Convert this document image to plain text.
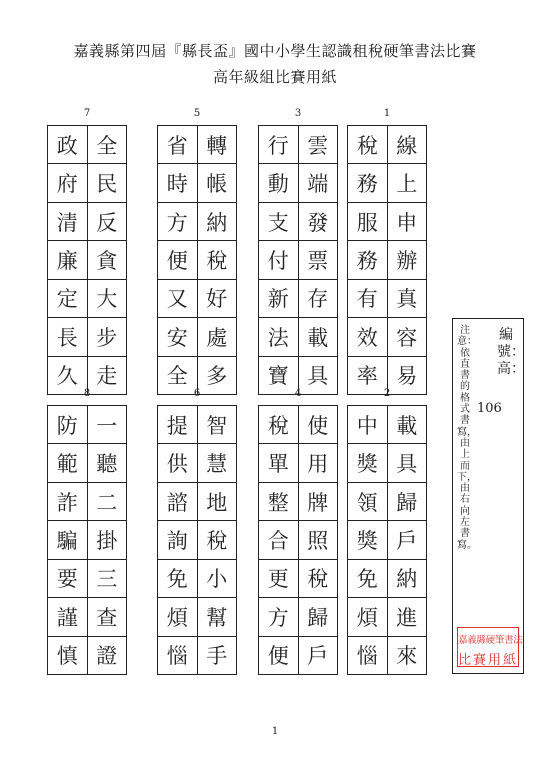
嘉義縣第四屆『縣長盃』國中小學生認識租稅硬筆書法比賽
高年級組比賽用紙
1
線
上
申
辦
真
容
易
稅
務
服
務
有
效
率
2
載
具
歸
戶
納
進
來
中
獎
領
獎
免
煩
惱
3
雲
端
發
票
存
載
具
行
動
支
付
新
法
寶
4
使
用
牌
照
稅
歸
戶
稅
單
整
合
更
方
便
5
轉
帳
納
稅
好
處
多
省
時
方
便
又
安
全
6
智
慧
地
稅
小
幫
手
提
供
諮
詢
免
煩
惱
7
全
民
反
貪
大
步
走
政
府
清
廉
定
長
久
8
一
聽
二
掛
三
查
證
防
範
詐
騙
要
謹
慎
編號：高：
106
注意：依直書的格式書寫，由上而下，由右向左書寫。
嘉義縣硬筆書法
比賽用紙
1
